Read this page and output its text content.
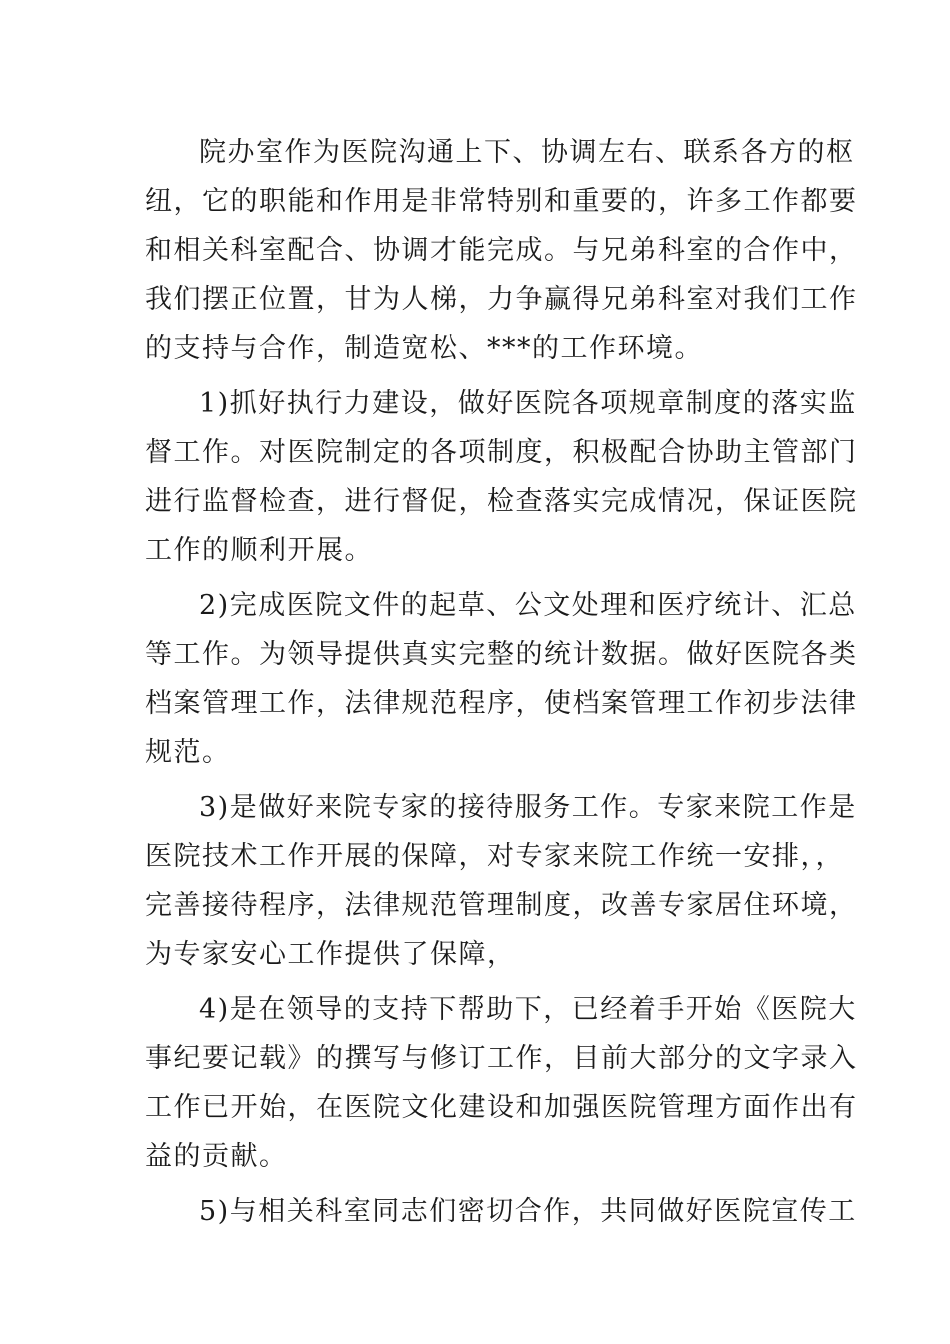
院办室作为医院沟通上下、协调左右、联系各方的枢
纽，它的职能和作用是非常特别和重要的，许多工作都要
和相关科室配合、协调才能完成。与兄弟科室的合作中，
我们摆正位置，甘为人梯，力争赢得兄弟科室对我们工作
的支持与合作，制造宽松、***的工作环境。

1)抓好执行力建设，做好医院各项规章制度的落实监
督工作。对医院制定的各项制度，积极配合协助主管部门
进行监督检查，进行督促，检查落实完成情况，保证医院
工作的顺利开展。

2)完成医院文件的起草、公文处理和医疗统计、汇总
等工作。为领导提供真实完整的统计数据。做好医院各类
档案管理工作，法律规范程序，使档案管理工作初步法律
规范。

3)是做好来院专家的接待服务工作。专家来院工作是
医院技术工作开展的保障，对专家来院工作统一安排，，
完善接待程序，法律规范管理制度，改善专家居住环境，
为专家安心工作提供了保障，

4)是在领导的支持下帮助下，已经着手开始《医院大
事纪要记载》的撰写与修订工作，目前大部分的文字录入
工作已开始，在医院文化建设和加强医院管理方面作出有
益的贡献。

5)与相关科室同志们密切合作，共同做好医院宣传工
